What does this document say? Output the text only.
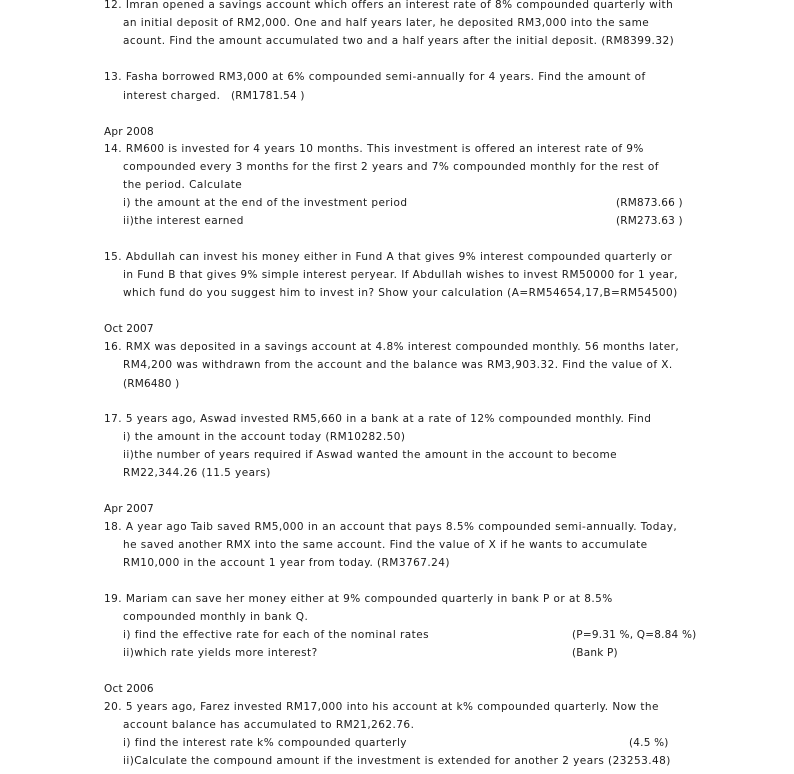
12. Imran opened a savings account which offers an interest rate of 8% compounded quarterly with
an initial deposit of RM2,000. One and half years later, he deposited RM3,000 into the same
acount. Find the amount accumulated two and a half years after the initial deposit. (RM8399.32)
13. Fasha borrowed RM3,000 at 6% compounded semi-annually for 4 years. Find the amount of
interest charged. (RM1781.54 )
Apr 2008
14. RM600 is invested for 4 years 10 months. This investment is offered an interest rate of 9%
compounded every 3 months for the first 2 years and 7% compounded monthly for the rest of
the period. Calculate
i) the amount at the end of the investment period	(RM873.66 )
ii)the interest earned	(RM273.63 )
15. Abdullah can invest his money either in Fund A that gives 9% interest compounded quarterly or
in Fund B that gives 9% simple interest peryear. If Abdullah wishes to invest RM50000 for 1 year,
which fund do you suggest him to invest in? Show your calculation (A=RM54654,17,B=RM54500)
Oct 2007
16. RMX was deposited in a savings account at 4.8% interest compounded monthly. 56 months later,
RM4,200 was withdrawn from the account and the balance was RM3,903.32. Find the value of X.
(RM6480 )
17. 5 years ago, Aswad invested RM5,660 in a bank at a rate of 12% compounded monthly. Find
i) the amount in the account today (RM10282.50)
ii)the number of years required if Aswad wanted the amount in the account to become
RM22,344.26 (11.5 years)
Apr 2007
18. A year ago Taib saved RM5,000 in an account that pays 8.5% compounded semi-annually. Today,
he saved another RMX into the same account. Find the value of X if he wants to accumulate
RM10,000 in the account 1 year from today. (RM3767.24)
19. Mariam can save her money either at 9% compounded quarterly in bank P or at 8.5%
compounded monthly in bank Q.
i) find the effective rate for each of the nominal rates	(P=9.31 %, Q=8.84 %)
ii)which rate yields more interest?	(Bank P)
Oct 2006
20. 5 years ago, Farez invested RM17,000 into his account at k% compounded quarterly. Now the
account balance has accumulated to RM21,262.76.
i) find the interest rate k% compounded quarterly	(4.5 %)
ii)Calculate the compound amount if the investment is extended for another 2 years (23253.48)
